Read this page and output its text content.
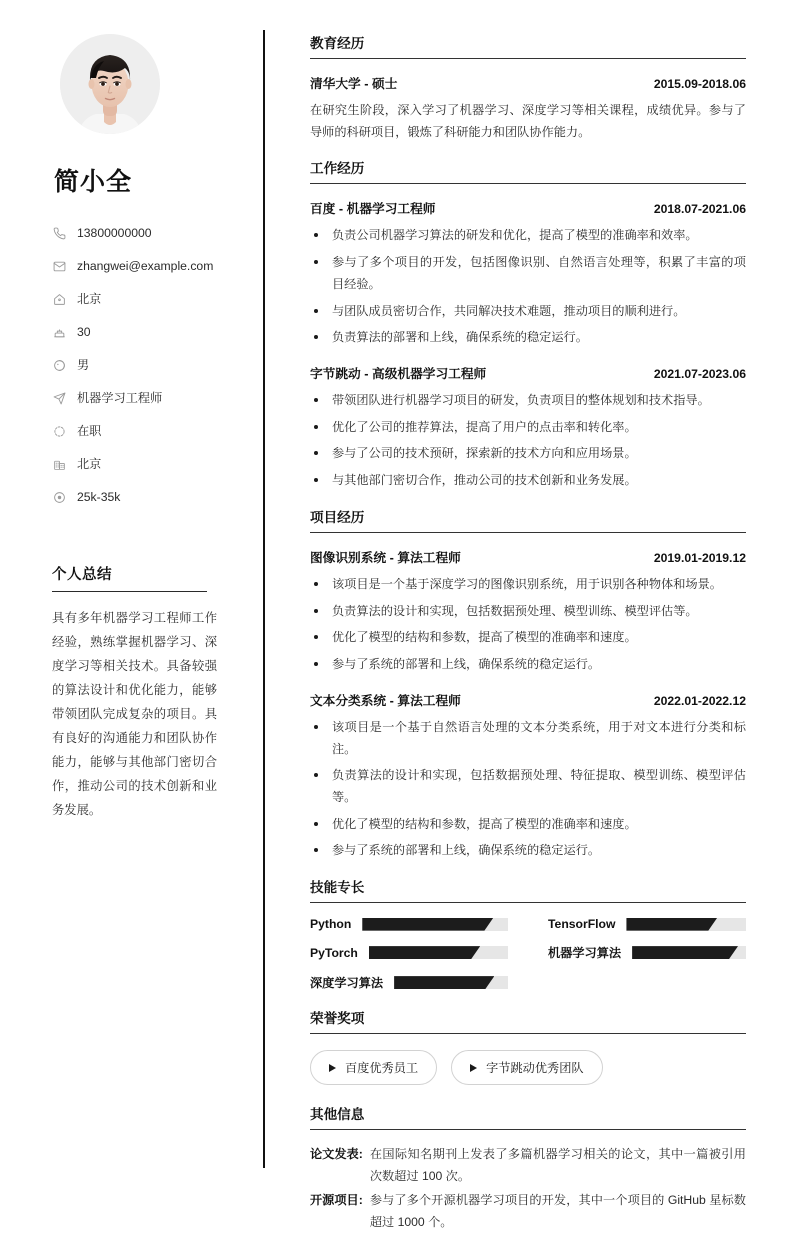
简小全
13800000000
zhangwei@example.com
北京
30
男
机器学习工程师
在职
北京
25k-35k
个人总结

具有多年机器学习工程师工作经验，熟练掌握机器学习、深度学习等相关技术。具备较强的算法设计和优化能力，能够带领团队完成复杂的项目。具有良好的沟通能力和团队协作能力，能够与其他部门密切合作，推动公司的技术创新和业务发展。

教育经历
清华大学 - 硕士	2015.09-2018.06

在研究生阶段，深入学习了机器学习、深度学习等相关课程，成绩优异。参与了导师的科研项目，锻炼了科研能力和团队协作能力。

工作经历
百度 - 机器学习工程师	2018.07-2021.06
负责公司机器学习算法的研发和优化，提高了模型的准确率和效率。
参与了多个项目的开发，包括图像识别、自然语言处理等，积累了丰富的项目经验。
与团队成员密切合作，共同解决技术难题，推动项目的顺利进行。
负责算法的部署和上线，确保系统的稳定运行。
字节跳动 - 高级机器学习工程师	2021.07-2023.06
带领团队进行机器学习项目的研发，负责项目的整体规划和技术指导。
优化了公司的推荐算法，提高了用户的点击率和转化率。
参与了公司的技术预研，探索新的技术方向和应用场景。
与其他部门密切合作，推动公司的技术创新和业务发展。
项目经历
图像识别系统 - 算法工程师	2019.01-2019.12
该项目是一个基于深度学习的图像识别系统，用于识别各种物体和场景。
负责算法的设计和实现，包括数据预处理、模型训练、模型评估等。
优化了模型的结构和参数，提高了模型的准确率和速度。
参与了系统的部署和上线，确保系统的稳定运行。
文本分类系统 - 算法工程师	2022.01-2022.12
该项目是一个基于自然语言处理的文本分类系统，用于对文本进行分类和标注。
负责算法的设计和实现，包括数据预处理、特征提取、模型训练、模型评估等。
优化了模型的结构和参数，提高了模型的准确率和速度。
参与了系统的部署和上线，确保系统的稳定运行。
技能专长
Python	TensorFlow
PyTorch	机器学习算法
深度学习算法
荣誉奖项
百度优秀员工	字节跳动优秀团队
其他信息
论文发表: 在国际知名期刊上发表了多篇机器学习相关的论文，其中一篇被引用次数超过 100 次。
开源项目: 参与了多个开源机器学习项目的开发，其中一个项目的 GitHub 星标数超过 1000 个。
